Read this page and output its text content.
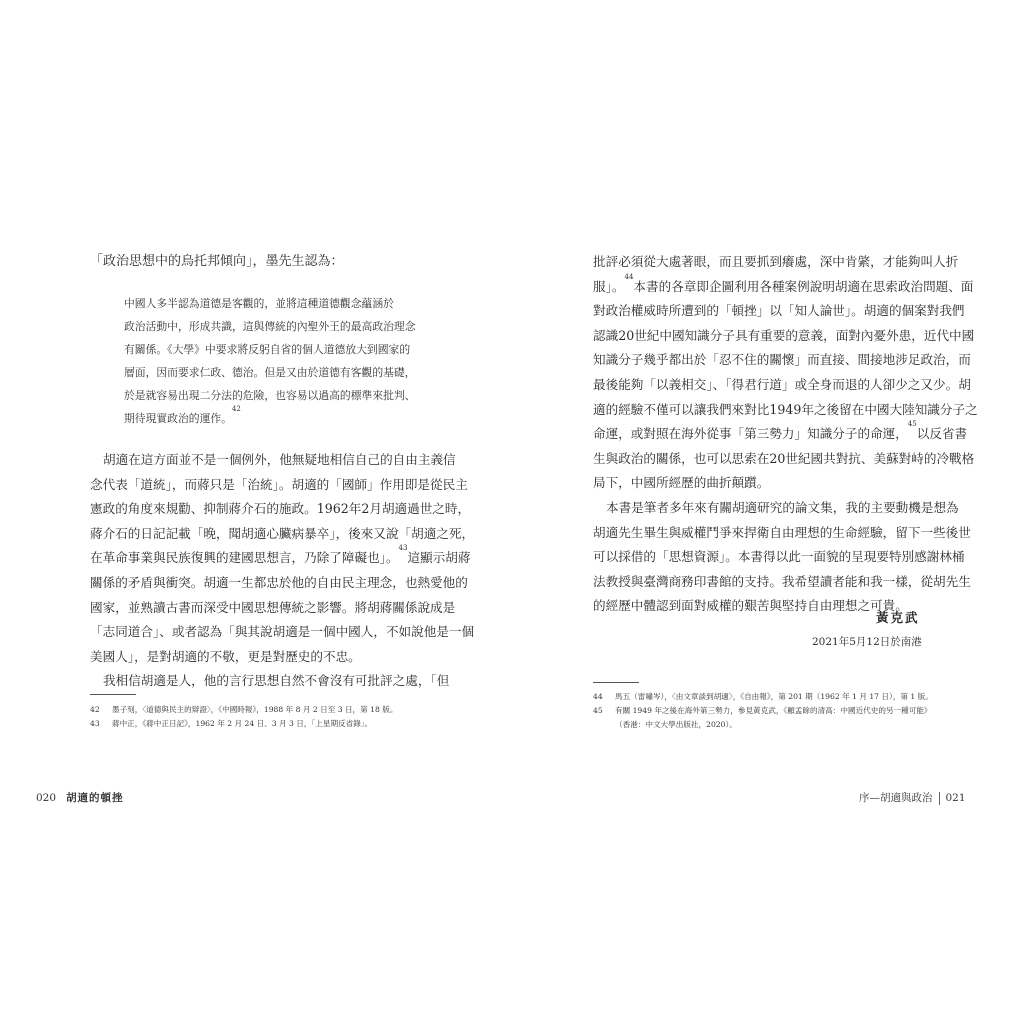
「政治思想中的烏托邦傾向」，墨先生認為：

中國人多半認為道德是客觀的，並將這種道德觀念蘊涵於

政治活動中，形成共識，這與傳統的內聖外王的最高政治理念

有關係。《大學》中要求將反躬自省的個人道德放大到國家的

層面，因而要求仁政、德治。但是又由於道德有客觀的基礎，

於是就容易出現二分法的危險，也容易以過高的標準來批判、

期待現實政治的運作。$^{42}$

胡適在這方面並不是一個例外，他無疑地相信自己的自由主義信
念代表「道統」，而蔣只是「治統」。胡適的「國師」作用即是從民主
憲政的角度來規勸、抑制蔣介石的施政。1962年2月胡適過世之時，
蔣介石的日記記載「晚，聞胡適心臟病暴卒」，後來又說「胡適之死，
在革命事業與民族復興的建國思想言，乃除了障礙也」。$^{43}$這顯示胡蔣
關係的矛盾與衝突。胡適一生都忠於他的自由民主理念，也熱愛他的
國家，並熟讀古書而深受中國思想傳統之影響。將胡蔣關係說成是
「志同道合」、或者認為「與其說胡適是一個中國人，不如說他是一個
美國人」，是對胡適的不敬，更是對歷史的不忠。
我相信胡適是人，他的言行思想自然不會沒有可批評之處，「但
42	墨子刻，〈道德與民主的辯證〉，《中國時報》，1988 年 8 月 2 日至 3 日，第 18 版。
43	蔣中正，《蔣中正日記》，1962 年 2 月 24 日、3 月 3 日，「上星期反省錄」。
020 胡適的頓挫
批評必須從大處著眼，而且要抓到癢處，深中肯綮，才能夠叫人折
服」。$^{44}$本書的各章即企圖利用各種案例說明胡適在思索政治問題、面
對政治權威時所遭到的「頓挫」以「知人論世」。胡適的個案對我們
認識20世紀中國知識分子具有重要的意義，面對內憂外患，近代中國
知識分子幾乎都出於「忍不住的關懷」而直接、間接地涉足政治，而
最後能夠「以義相交」、「得君行道」或全身而退的人卻少之又少。胡
適的經驗不僅可以讓我們來對比1949年之後留在中國大陸知識分子之
命運，或對照在海外從事「第三勢力」知識分子的命運，$^{45}$以反省書
生與政治的關係，也可以思索在20世紀國共對抗、美蘇對峙的冷戰格
局下，中國所經歷的曲折顛躓。
本書是筆者多年來有關胡適研究的論文集，我的主要動機是想為
胡適先生畢生與威權鬥爭來捍衛自由理想的生命經驗，留下一些後世
可以採借的「思想資源」。本書得以此一面貌的呈現要特別感謝林桶
法教授與臺灣商務印書館的支持。我希望讀者能和我一樣，從胡先生
的經歷中體認到面對威權的艱苦與堅持自由理想之可貴。
黃克武
2021年5月12日於南港
44	馬五（雷嘯岑），〈由文章談到胡適〉，《自由報》，第 201 期（1962 年 1 月 17 日），第 1 版。
45	有關 1949 年之後在海外第三勢力，參見黃克武，《顧孟餘的清高：中國近代史的另一種可能》
（香港：中文大學出版社，2020）。
序—胡適與政治 021
